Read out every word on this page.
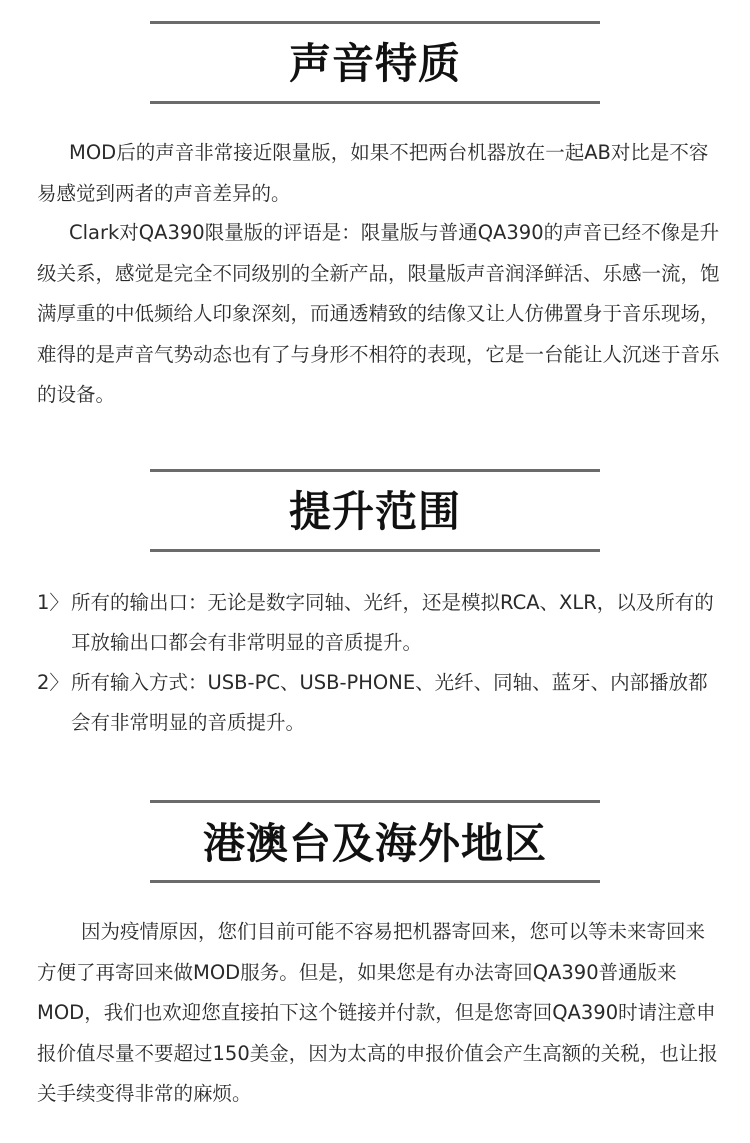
声音特质

MOD后的声音非常接近限量版，如果不把两台机器放在一起AB对比是不容易感觉到两者的声音差异的。

Clark对QA390限量版的评语是：限量版与普通QA390的声音已经不像是升级关系，感觉是完全不同级别的全新产品，限量版声音润泽鲜活、乐感一流，饱满厚重的中低频给人印象深刻，而通透精致的结像又让人仿佛置身于音乐现场，难得的是声音气势动态也有了与身形不相符的表现，它是一台能让人沉迷于音乐的设备。

提升范围
1〉 所有的输出口：无论是数字同轴、光纤，还是模拟RCA、XLR，以及所有的耳放输出口都会有非常明显的音质提升。
2〉 所有输入方式：USB-PC、USB-PHONE、光纤、同轴、蓝牙、内部播放都会有非常明显的音质提升。
港澳台及海外地区

因为疫情原因，您们目前可能不容易把机器寄回来，您可以等未来寄回来方便了再寄回来做MOD服务。但是，如果您是有办法寄回QA390普通版来MOD，我们也欢迎您直接拍下这个链接并付款，但是您寄回QA390时请注意申报价值尽量不要超过150美金，因为太高的申报价值会产生高额的关税，也让报关手续变得非常的麻烦。
